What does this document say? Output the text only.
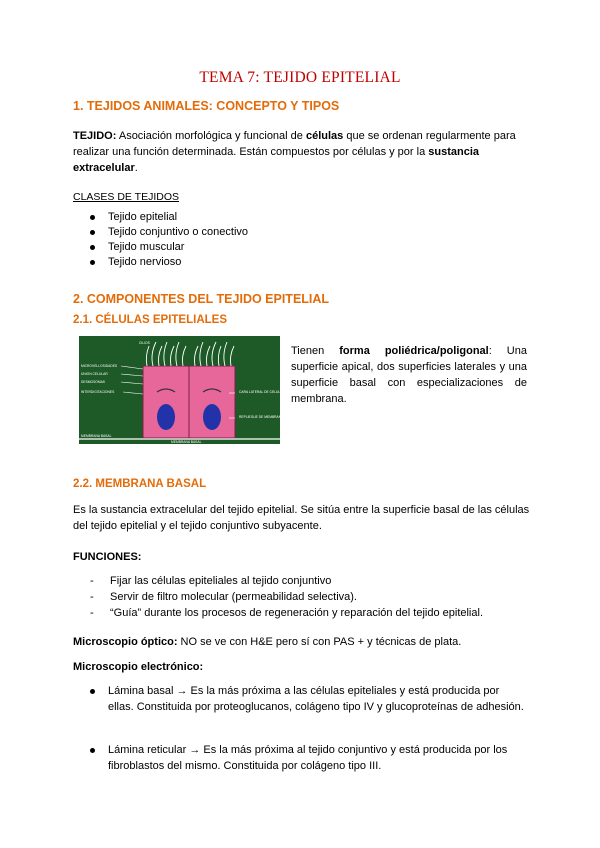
TEMA 7: TEJIDO EPITELIAL
1. TEJIDOS ANIMALES: CONCEPTO Y TIPOS
TEJIDO: Asociación morfológica y funcional de células que se ordenan regularmente para realizar una función determinada. Están compuestos por células y por la sustancia extracelular.
CLASES DE TEJIDOS
Tejido epitelial
Tejido conjuntivo o conectivo
Tejido muscular
Tejido nervioso
2. COMPONENTES DEL TEJIDO EPITELIAL
2.1. CÉLULAS EPITELIALES
MICROVELLOSIDADES
UNION CELULAR
DESMOSOMAS
INTERDIGITACIONES
MEMBRANA BASAL
CILIOS
CARA LATERAL DE CELULA
REPLIEGUE DE MEMBRANA BASAL
MEMBRANA BASAL
Tienen forma poliédrica/poligonal: Una superficie apical, dos superficies laterales y una superficie basal con especializaciones de membrana.
2.2. MEMBRANA BASAL
Es la sustancia extracelular del tejido epitelial. Se sitúa entre la superficie basal de las células del tejido epitelial y el tejido conjuntivo subyacente.
FUNCIONES:
- Fijar las células epiteliales al tejido conjuntivo
- Servir de filtro molecular (permeabilidad selectiva).
- “Guía” durante los procesos de regeneración y reparación del tejido epitelial.
Microscopio óptico: NO se ve con H&E pero sí con PAS + y técnicas de plata.
Microscopio electrónico:
Lámina basal → Es la más próxima a las células epiteliales y está producida por ellas. Constituida por proteoglucanos, colágeno tipo IV y glucoproteínas de adhesión.
Lámina reticular → Es la más próxima al tejido conjuntivo y está producida por los fibroblastos del mismo. Constituida por colágeno tipo III.
